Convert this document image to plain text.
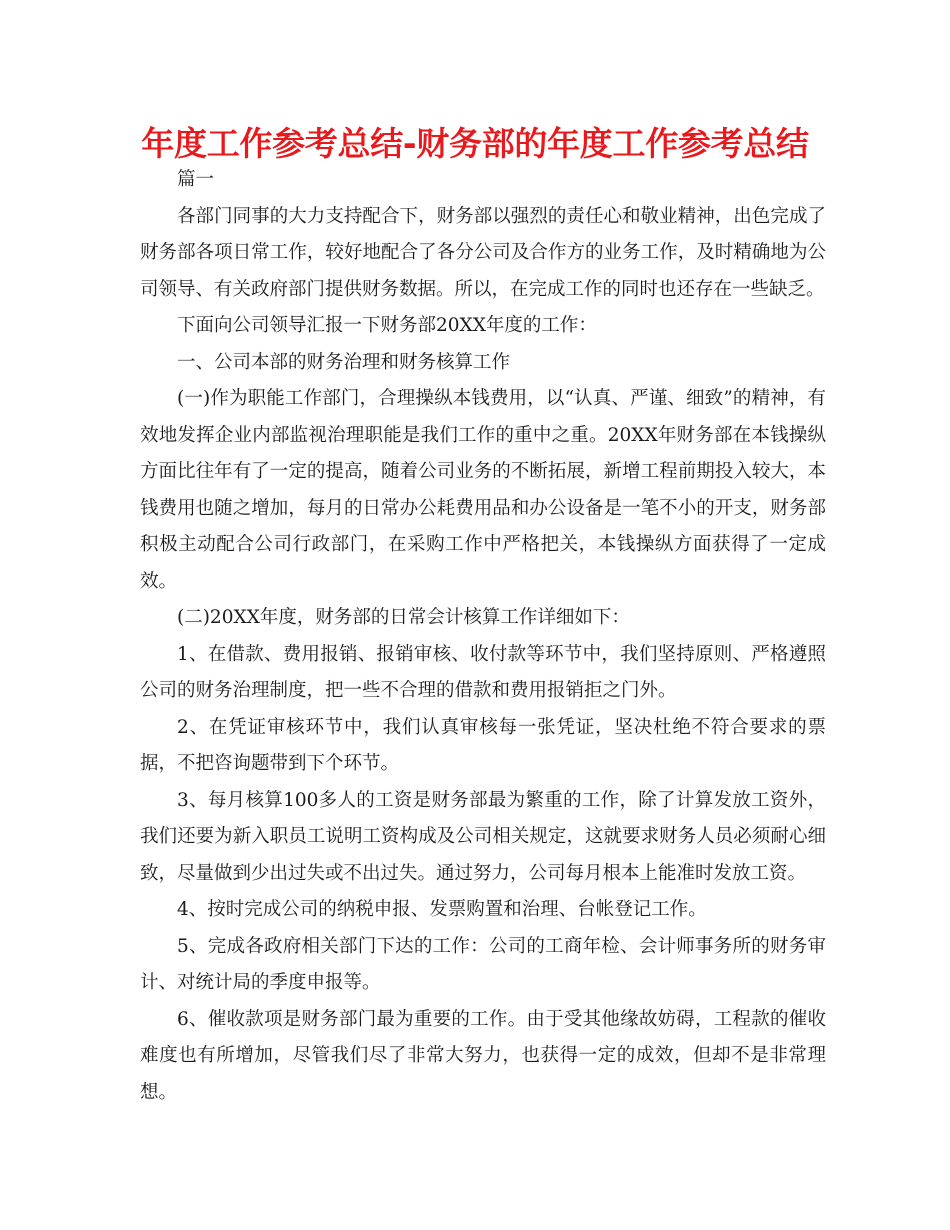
年度工作参考总结-财务部的年度工作参考总结

篇一

各部门同事的大力支持配合下，财务部以强烈的责任心和敬业精神，出色完成了财务部各项日常工作，较好地配合了各分公司及合作方的业务工作，及时精确地为公司领导、有关政府部门提供财务数据。所以，在完成工作的同时也还存在一些缺乏。

下面向公司领导汇报一下财务部20XX年度的工作：

一、公司本部的财务治理和财务核算工作

(一)作为职能工作部门，合理操纵本钱费用，以“认真、严谨、细致”的精神，有效地发挥企业内部监视治理职能是我们工作的重中之重。20XX年财务部在本钱操纵方面比往年有了一定的提高，随着公司业务的不断拓展，新增工程前期投入较大，本钱费用也随之增加，每月的日常办公耗费用品和办公设备是一笔不小的开支，财务部积极主动配合公司行政部门，在采购工作中严格把关，本钱操纵方面获得了一定成效。

(二)20XX年度，财务部的日常会计核算工作详细如下：

1、在借款、费用报销、报销审核、收付款等环节中，我们坚持原则、严格遵照公司的财务治理制度，把一些不合理的借款和费用报销拒之门外。

2、在凭证审核环节中，我们认真审核每一张凭证，坚决杜绝不符合要求的票据，不把咨询题带到下个环节。

3、每月核算100多人的工资是财务部最为繁重的工作，除了计算发放工资外，我们还要为新入职员工说明工资构成及公司相关规定，这就要求财务人员必须耐心细致，尽量做到少出过失或不出过失。通过努力，公司每月根本上能准时发放工资。

4、按时完成公司的纳税申报、发票购置和治理、台帐登记工作。

5、完成各政府相关部门下达的工作：公司的工商年检、会计师事务所的财务审计、对统计局的季度申报等。

6、催收款项是财务部门最为重要的工作。由于受其他缘故妨碍，工程款的催收难度也有所增加，尽管我们尽了非常大努力，也获得一定的成效，但却不是非常理想。
